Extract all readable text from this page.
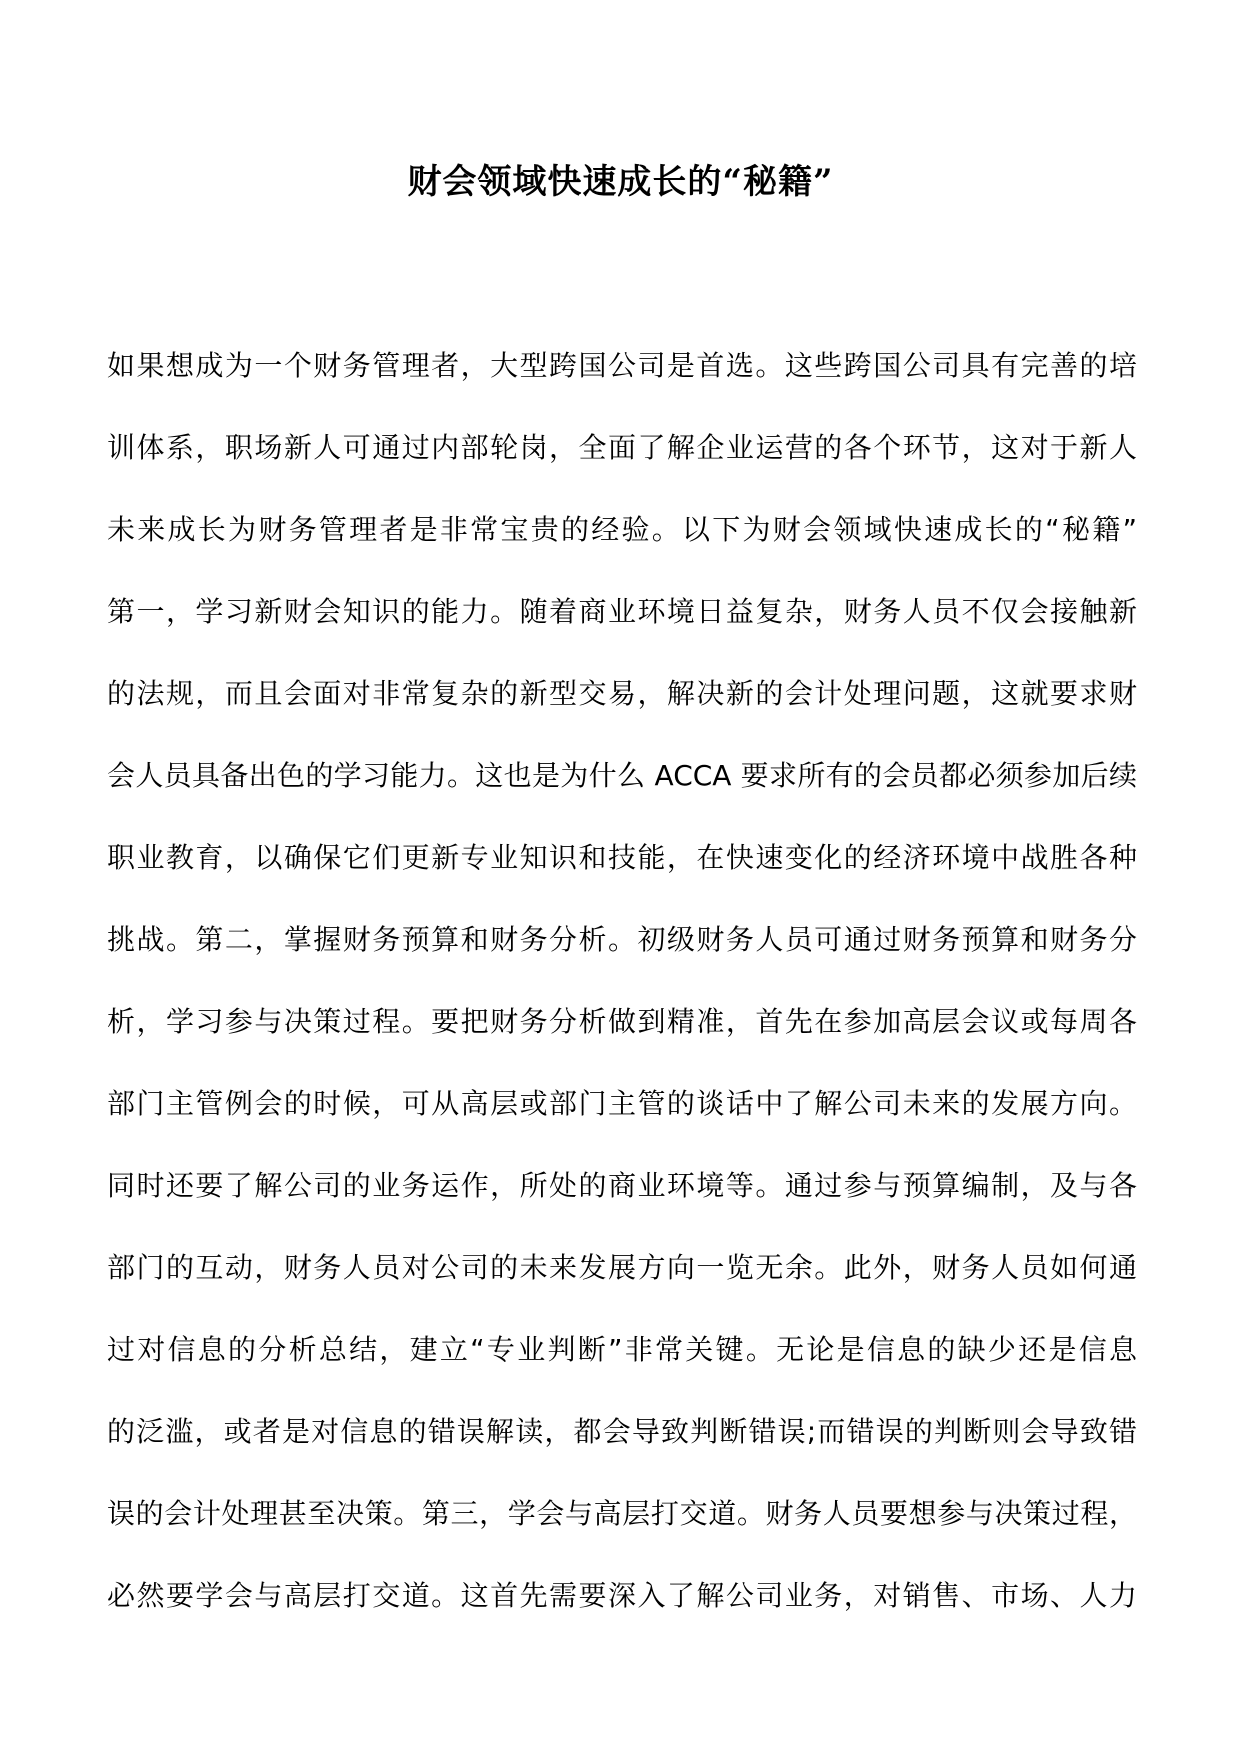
财会领域快速成长的“秘籍”
如果想成为一个财务管理者，大型跨国公司是首选。这些跨国公司具有完善的培
训体系，职场新人可通过内部轮岗，全面了解企业运营的各个环节，这对于新人
未来成长为财务管理者是非常宝贵的经验。以下为财会领域快速成长的“秘籍”
第一，学习新财会知识的能力。随着商业环境日益复杂，财务人员不仅会接触新
的法规，而且会面对非常复杂的新型交易，解决新的会计处理问题，这就要求财
会人员具备出色的学习能力。这也是为什么 ACCA 要求所有的会员都必须参加后续
职业教育，以确保它们更新专业知识和技能，在快速变化的经济环境中战胜各种
挑战。第二，掌握财务预算和财务分析。初级财务人员可通过财务预算和财务分
析，学习参与决策过程。要把财务分析做到精准，首先在参加高层会议或每周各
部门主管例会的时候，可从高层或部门主管的谈话中了解公司未来的发展方向。
同时还要了解公司的业务运作，所处的商业环境等。通过参与预算编制，及与各
部门的互动，财务人员对公司的未来发展方向一览无余。此外，财务人员如何通
过对信息的分析总结，建立“专业判断”非常关键。无论是信息的缺少还是信息
的泛滥，或者是对信息的错误解读，都会导致判断错误;而错误的判断则会导致错
误的会计处理甚至决策。第三，学会与高层打交道。财务人员要想参与决策过程，
必然要学会与高层打交道。这首先需要深入了解公司业务，对销售、市场、人力
